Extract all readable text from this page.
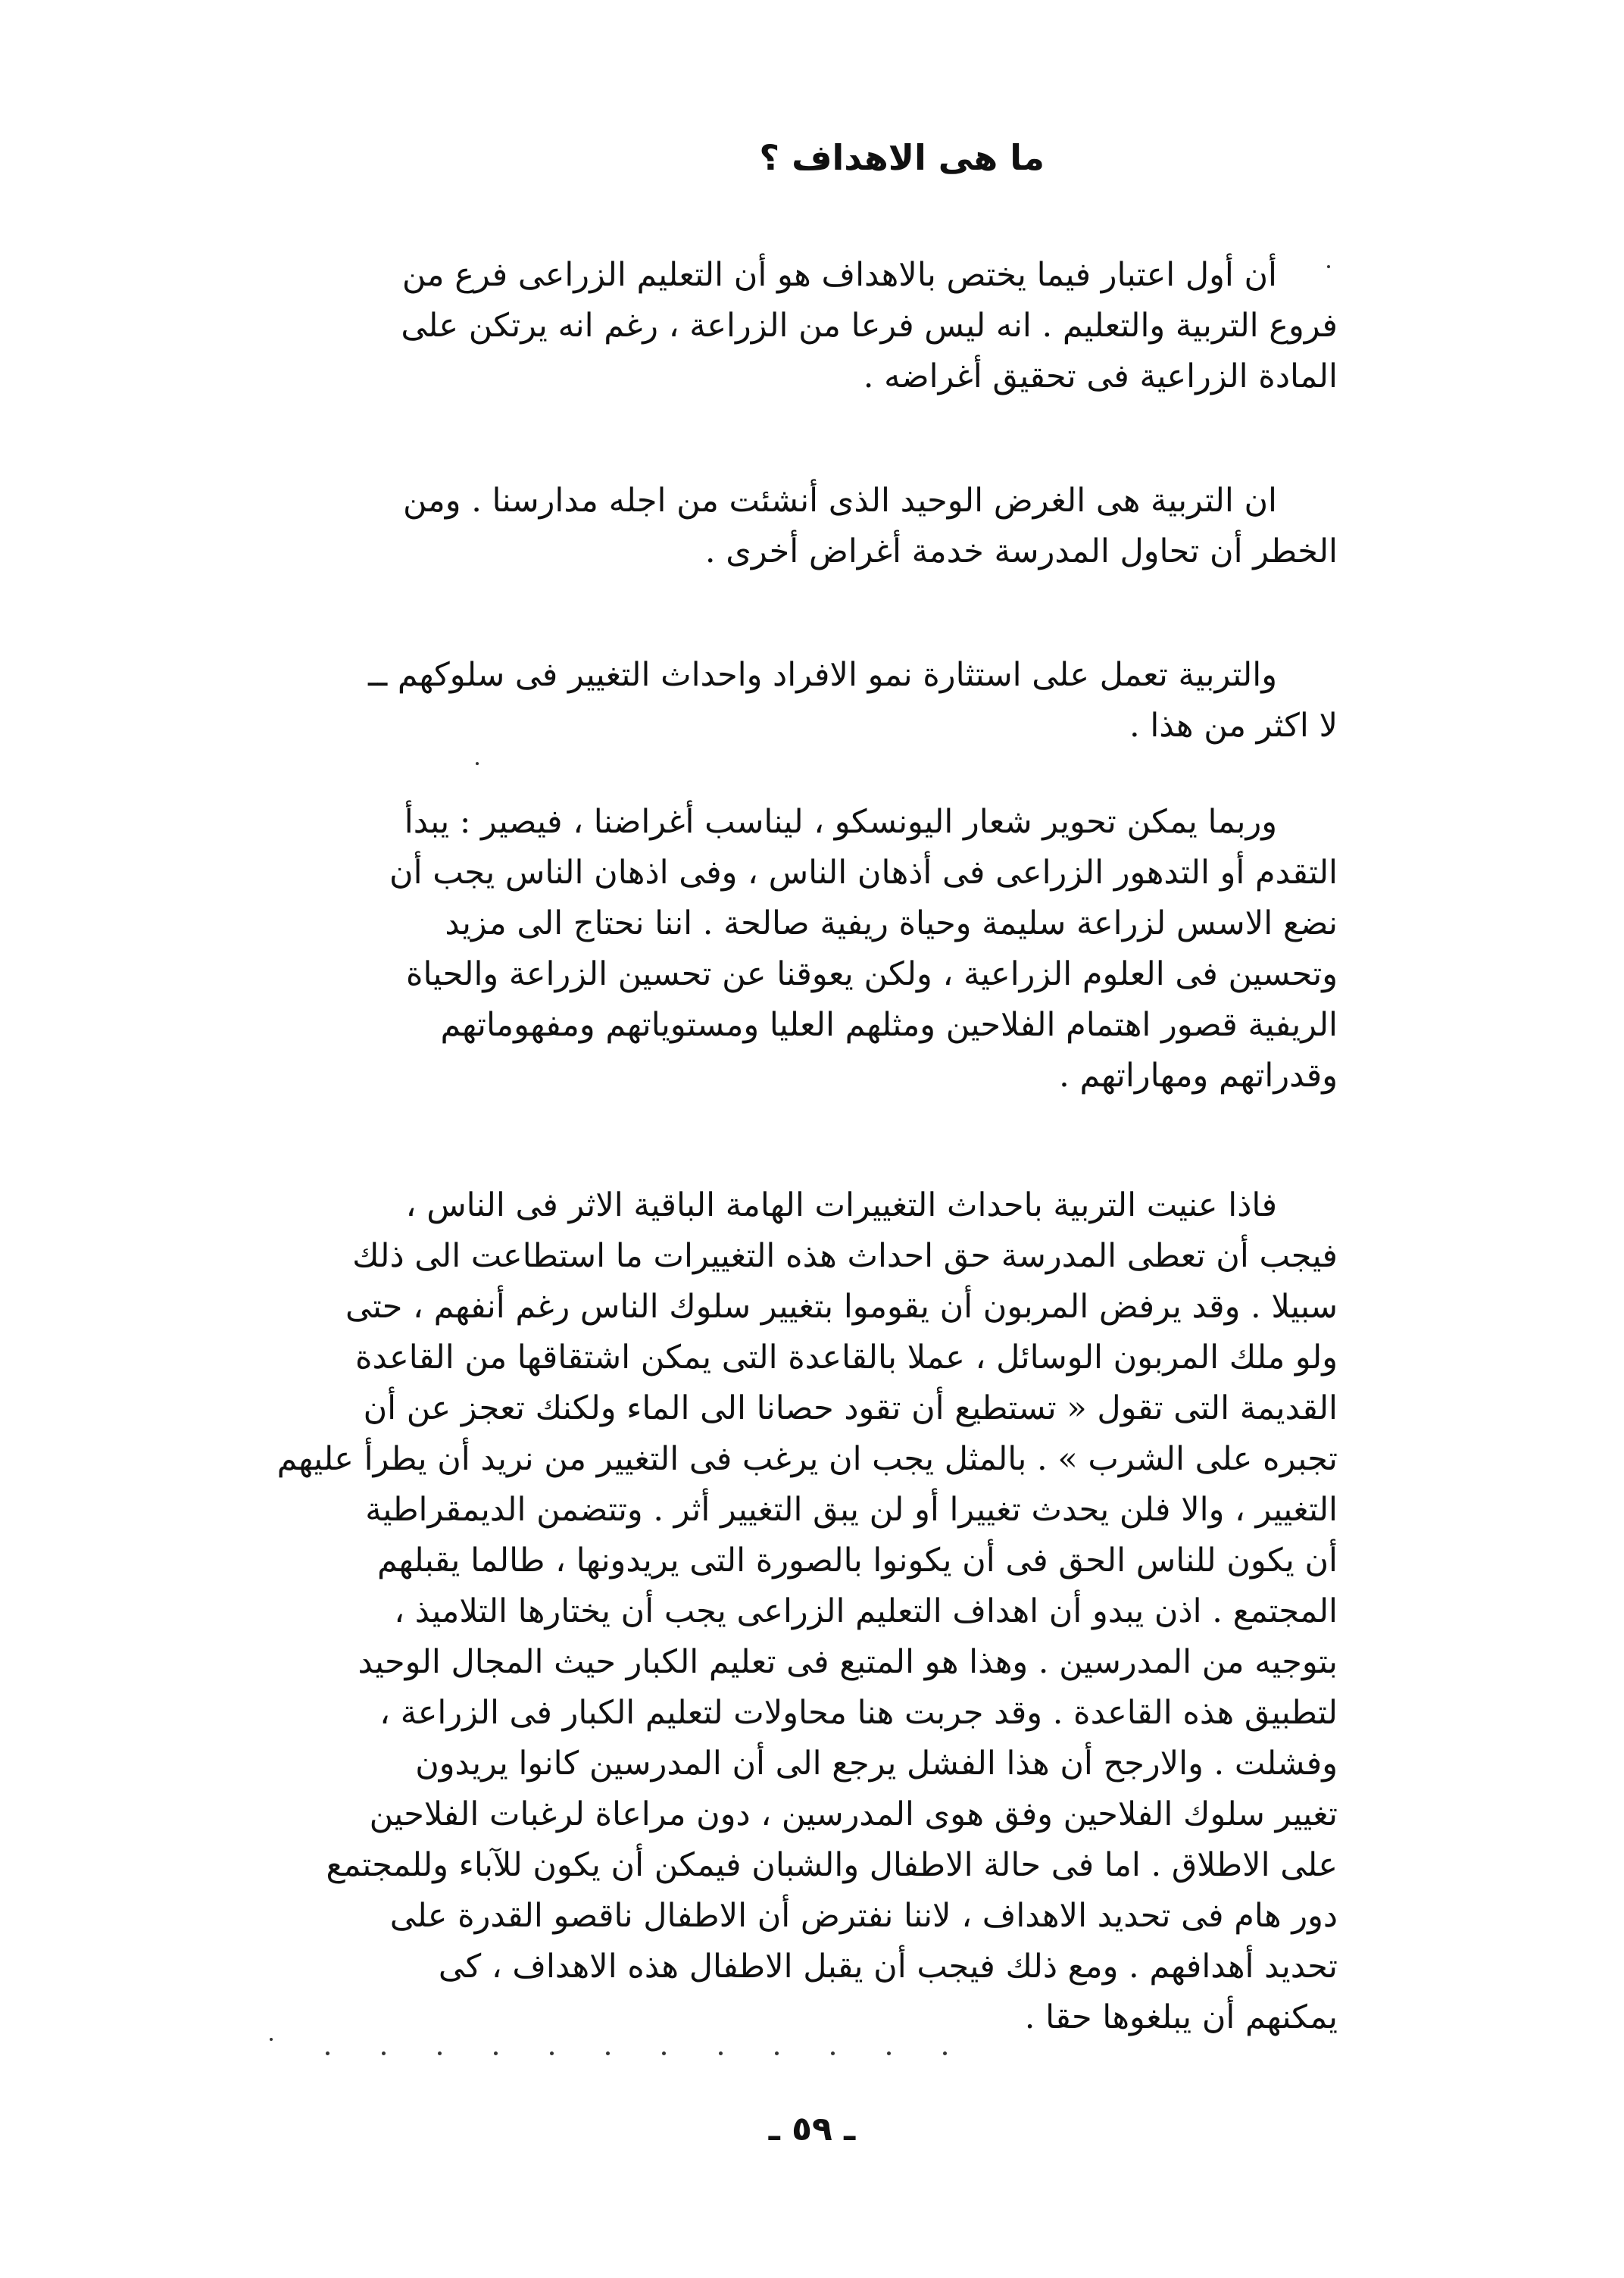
ما هى الاهداف ؟
أن أول اعتبار فيما يختص بالاهداف هو أن التعليم الزراعى فرع من
فروع التربية والتعليم . انه ليس فرعا من الزراعة ، رغم انه يرتكن على
المادة الزراعية فى تحقيق أغراضه .
ان التربية هى الغرض الوحيد الذى أنشئت من اجله مدارسنا . ومن
الخطر أن تحاول المدرسة خدمة أغراض أخرى .
والتربية تعمل على استثارة نمو الافراد واحداث التغيير فى سلوكهم ــ
لا اكثر من هذا .
وربما يمكن تحوير شعار اليونسكو ، ليناسب أغراضنا ، فيصير : يبدأ
التقدم أو التدهور الزراعى فى أذهان الناس ، وفى اذهان الناس يجب أن
نضع الاسس لزراعة سليمة وحياة ريفية صالحة . اننا نحتاج الى مزيد
وتحسين فى العلوم الزراعية ، ولكن يعوقنا عن تحسين الزراعة والحياة
الريفية قصور اهتمام الفلاحين ومثلهم العليا ومستوياتهم ومفهوماتهم
وقدراتهم ومهاراتهم .
فاذا عنيت التربية باحداث التغييرات الهامة الباقية الاثر فى الناس ،
فيجب أن تعطى المدرسة حق احداث هذه التغييرات ما استطاعت الى ذلك
سبيلا . وقد يرفض المربون أن يقوموا بتغيير سلوك الناس رغم أنفهم ، حتى
ولو ملك المربون الوسائل ، عملا بالقاعدة التى يمكن اشتقاقها من القاعدة
القديمة التى تقول « تستطيع أن تقود حصانا الى الماء ولكنك تعجز عن أن
تجبره على الشرب » . بالمثل يجب ان يرغب فى التغيير من نريد أن يطرأ عليهم
التغيير ، والا فلن يحدث تغييرا أو لن يبق التغيير أثر . وتتضمن الديمقراطية
أن يكون للناس الحق فى أن يكونوا بالصورة التى يريدونها ، طالما يقبلهم
المجتمع . اذن يبدو أن اهداف التعليم الزراعى يجب أن يختارها التلاميذ ،
بتوجيه من المدرسين . وهذا هو المتبع فى تعليم الكبار حيث المجال الوحيد
لتطبيق هذه القاعدة . وقد جربت هنا محاولات لتعليم الكبار فى الزراعة ،
وفشلت . والارجح أن هذا الفشل يرجع الى أن المدرسين كانوا يريدون
تغيير سلوك الفلاحين وفق هوى المدرسين ، دون مراعاة لرغبات الفلاحين
على الاطلاق . اما فى حالة الاطفال والشبان فيمكن أن يكون للآباء وللمجتمع
دور هام فى تحديد الاهداف ، لاننا نفترض أن الاطفال ناقصو القدرة على
تحديد أهدافهم . ومع ذلك فيجب أن يقبل الاطفال هذه الاهداف ، كى
يمكنهم أن يبلغوها حقا .
ـ ٥٩ ـ
